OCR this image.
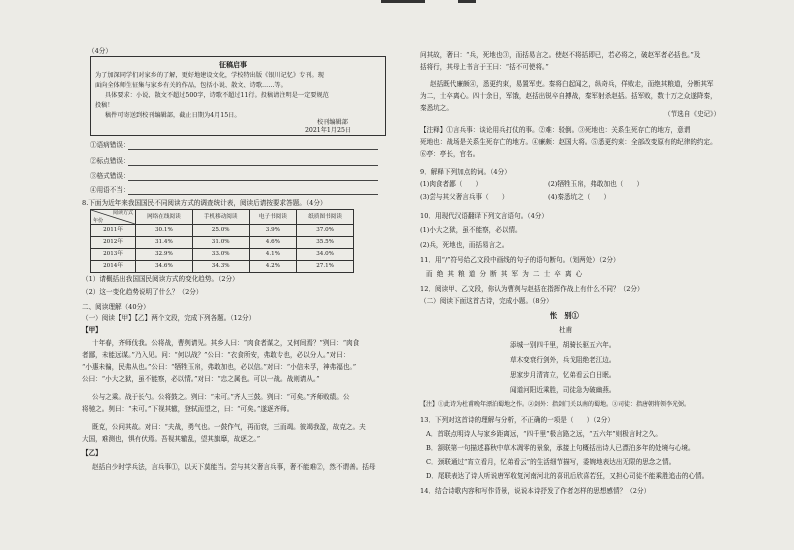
（4分）
征稿启事
为了加深同学们对家乡的了解，更好地建设文化，学校特出版《银川记忆》专刊。现
面向全体师生征集与家乡有关的作品，包括小说、散文、诗歌……等。
具体要求：小说、散文不超过500字，诗歌不超过11行。投稿请注明是一定要规范
投稿！
稿件可寄送到校刊编辑部，截止日期为4月15日。
校刊编辑部
2021年1月25日
①语病错误：
②标点错误：
③格式错误：
④用语不当：
8.下面为近年来我国国民不同阅读方式的调查统计表，阅读后请按要求答题。（4分）
阅读方式
年份	网络在线阅读	手机移动阅读	电子书阅读	纸质图书阅读
2011年	30.1%	25.0%	3.9%	37.0%
2012年	31.4%	31.0%	4.6%	35.5%
2013年	32.9%	33.0%	4.1%	34.0%
2014年	34.6%	34.3%	4.2%	27.1%
（1）请概括出我国国民阅读方式的变化趋势。（2分）
（2）这一变化趋势说明了什么？（2分）
二、阅读理解（40分）
（一）阅读【甲】【乙】两个文段，完成下列各题。（12分）
【甲】
十年春，齐师伐我。公将战，曹刿请见。其乡人曰：“肉食者谋之，又何间焉？”刿曰：“肉食
者鄙，未能远谋。”乃入见。问：“何以战？”公曰：“衣食所安，弗敢专也，必以分人。”对曰：
“小惠未徧，民弗从也。”公曰：“牺牲玉帛，弗敢加也，必以信。”对曰：“小信未孚，神弗福也。”
公曰：“小大之狱，虽不能察，必以情。”对曰：“忠之属也。可以一战。战则请从。”
公与之乘。战于长勺。公将鼓之。刿曰：“未可。”齐人三鼓。刿曰：“可矣。”齐师败绩。公
将驰之。刿曰：“未可。”下视其辙，登轼而望之，曰：“可矣。”遂逐齐师。
既克，公问其故。对曰：“夫战，勇气也。一鼓作气，再而衰，三而竭。彼竭我盈，故克之。夫
大国，难测也，惧有伏焉。吾视其辙乱，望其旗靡，故逐之。”
【乙】
赵括自少时学兵法，言兵事①，以天下莫能当。尝与其父奢言兵事，奢不能难②，然不谓善。括母
问其故，奢曰：“兵，死地也③，而括易言之。使赵不将括即已，若必将之，破赵军者必括也。”及
括将行，其母上书言于王曰：“括不可使将。”
赵括既代廉颇④，悉更约束，易置军吏。秦将白起闻之，纵奇兵，佯败走，而绝其粮道，分断其军
为二，士卒离心。四十余日，军饿，赵括出锐卒自搏战，秦军射杀赵括。括军败，数十万之众遂降秦，
秦悉坑之。
（节选自《史记》）
【注释】①言兵事：谈论用兵打仗的事。②难：驳倒。③死地也：关系生死存亡的地方，意谓
死地也：战场是关系生死存亡的地方。④廉颇：赵国大将。⑤悉更约束：全部改变原有的纪律的约定。
⑥亭：亭长，官名。
9．解释下列加点的词。（4分）
(1)肉食者鄙（　　）	(2)牺牲玉帛，弗敢加也（　　）
(3)尝与其父奢言兵事（　　）	(4)秦悉坑之（　　）
10．用现代汉语翻译下列文言语句。（4分）
(1)小大之狱，虽不能察，必以情。
(2)兵，死地也，而括易言之。
11．用“/”符号给乙文段中画线的句子的语句断句。（划两处）（2分）
而 绝 其 粮 道 分 断 其 军 为 二 士 卒 离 心
12．阅读甲、乙文段，你认为曹刿与赵括在指挥作战上有什么不同？（2分）
（二）阅读下面这首古诗，完成小题。（8分）
怅　别①
杜甫
添城一别四千里，胡骑长驱五六年。
草木变衰行剑外，兵戈阻绝老江边。
思家步月清宵立，忆弟看云白日眠。
闻道河阳近乘胜，司徒急为破幽燕。
【注】①此诗为杜甫晚年漂泊蜀地之作。②剑外：指剑门关以南的蜀地。③司徒：指唐朝将领李光弼。
13．下列对这首诗的理解与分析，不正确的一项是（　　）（2分）
A．首联点明诗人与家乡距离远，“四千里”极言路之远，“五六年”则极言时之久。
B．颔联第一句描述暮秋中草木凋零的景象，承接上句概括出诗人已漂泊多年的处境与心境。
C．颈联通过“宵立看月，忆弟看云”的生活细节描写，委婉地表达出无限的思念之情。
D．尾联表达了诗人听说唐军收复河南河北的喜讯后欣喜若狂，又担心司徒不能乘胜追击的心情。
14．结合诗歌内容和写作背景，说说本诗抒发了作者怎样的思想感情？（2分）
